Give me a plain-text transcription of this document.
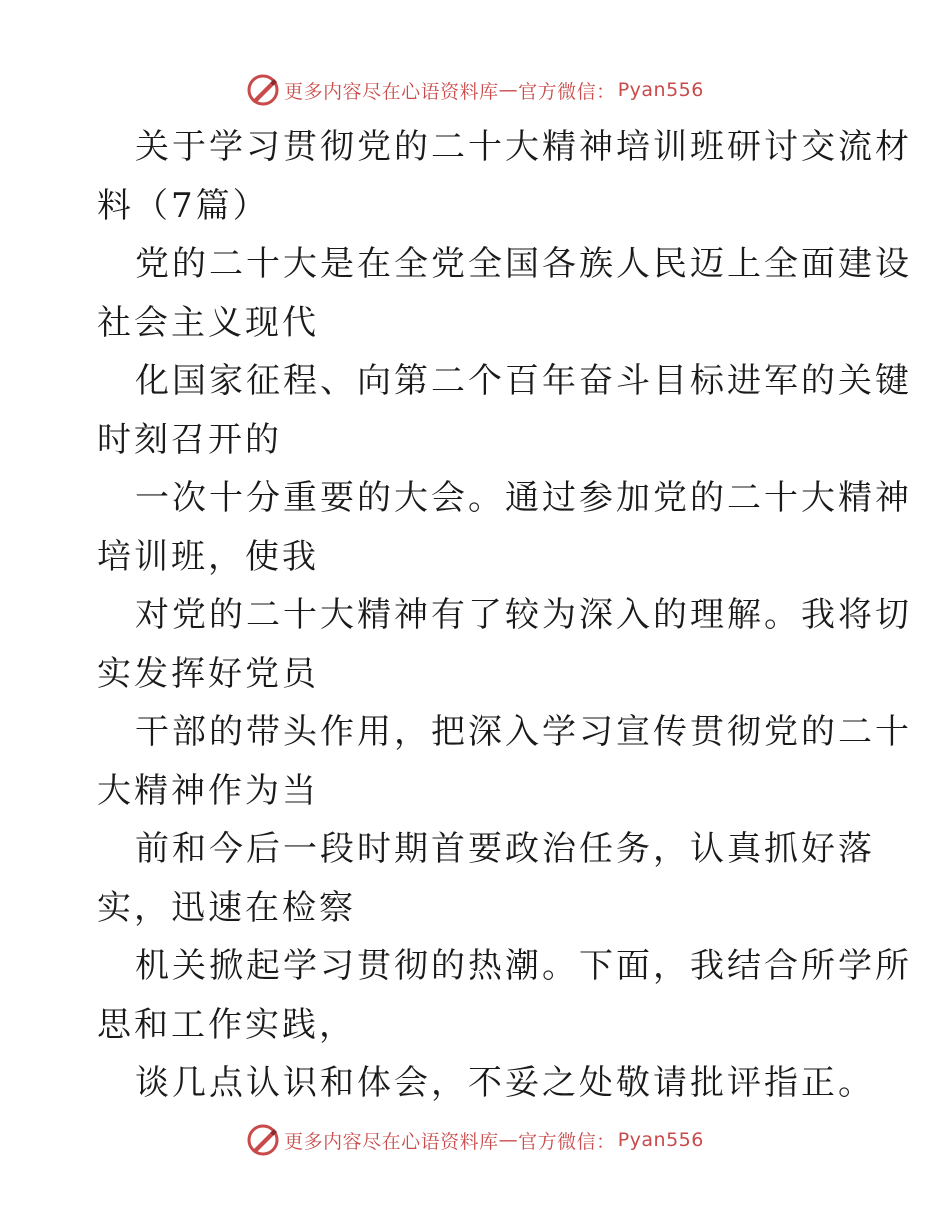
更多内容尽在心语资料库 — 官方微信： Pyan556

关于学习贯彻党的二十大精神培训班研讨交流材
料（7篇）

党的二十大是在全党全国各族人民迈上全面建设
社会主义现代

化国家征程、向第二个百年奋斗目标进军的关键
时刻召开的

一次十分重要的大会。通过参加党的二十大精神
培训班，使我

对党的二十大精神有了较为深入的理解。我将切
实发挥好党员

干部的带头作用，把深入学习宣传贯彻党的二十
大精神作为当

前和今后一段时期首要政治任务，认真抓好落
实，迅速在检察

机关掀起学习贯彻的热潮。下面，我结合所学所
思和工作实践，

谈几点认识和体会，不妥之处敬请批评指正。

更多内容尽在心语资料库 — 官方微信： Pyan556
